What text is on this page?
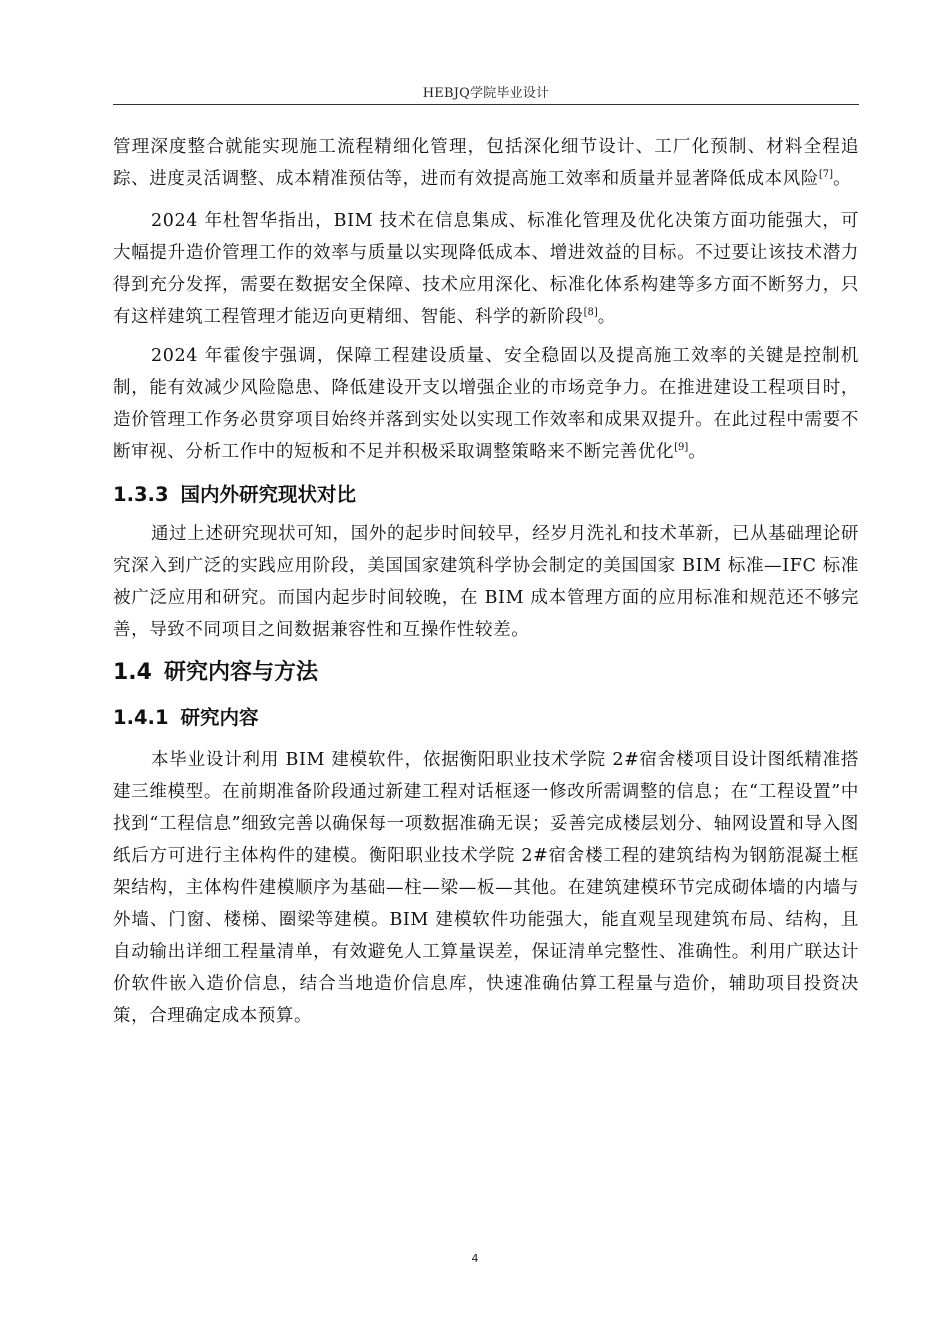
HEBJQ学院毕业设计

管理深度整合就能实现施工流程精细化管理，包括深化细节设计、工厂化预制、材料全程追踪、进度灵活调整、成本精准预估等，进而有效提高施工效率和质量并显著降低成本风险[7]。

2024 年杜智华指出，BIM 技术在信息集成、标准化管理及优化决策方面功能强大，可大幅提升造价管理工作的效率与质量以实现降低成本、增进效益的目标。不过要让该技术潜力得到充分发挥，需要在数据安全保障、技术应用深化、标准化体系构建等多方面不断努力，只有这样建筑工程管理才能迈向更精细、智能、科学的新阶段[8]。

2024 年霍俊宇强调，保障工程建设质量、安全稳固以及提高施工效率的关键是控制机制，能有效减少风险隐患、降低建设开支以增强企业的市场竞争力。在推进建设工程项目时，造价管理工作务必贯穿项目始终并落到实处以实现工作效率和成果双提升。在此过程中需要不断审视、分析工作中的短板和不足并积极采取调整策略来不断完善优化[9]。

1.3.3 国内外研究现状对比

通过上述研究现状可知，国外的起步时间较早，经岁月洗礼和技术革新，已从基础理论研究深入到广泛的实践应用阶段，美国国家建筑科学协会制定的美国国家 BIM 标准—IFC 标准被广泛应用和研究。而国内起步时间较晚，在 BIM 成本管理方面的应用标准和规范还不够完善，导致不同项目之间数据兼容性和互操作性较差。

1.4 研究内容与方法
1.4.1 研究内容

本毕业设计利用 BIM 建模软件，依据衡阳职业技术学院 2#宿舍楼项目设计图纸精准搭建三维模型。在前期准备阶段通过新建工程对话框逐一修改所需调整的信息；在“工程设置”中找到“工程信息”细致完善以确保每一项数据准确无误；妥善完成楼层划分、轴网设置和导入图纸后方可进行主体构件的建模。衡阳职业技术学院 2#宿舍楼工程的建筑结构为钢筋混凝土框架结构，主体构件建模顺序为基础—柱—梁—板—其他。在建筑建模环节完成砌体墙的内墙与外墙、门窗、楼梯、圈梁等建模。BIM 建模软件功能强大，能直观呈现建筑布局、结构，且自动输出详细工程量清单，有效避免人工算量误差，保证清单完整性、准确性。利用广联达计价软件嵌入造价信息，结合当地造价信息库，快速准确估算工程量与造价，辅助项目投资决策，合理确定成本预算。

4
